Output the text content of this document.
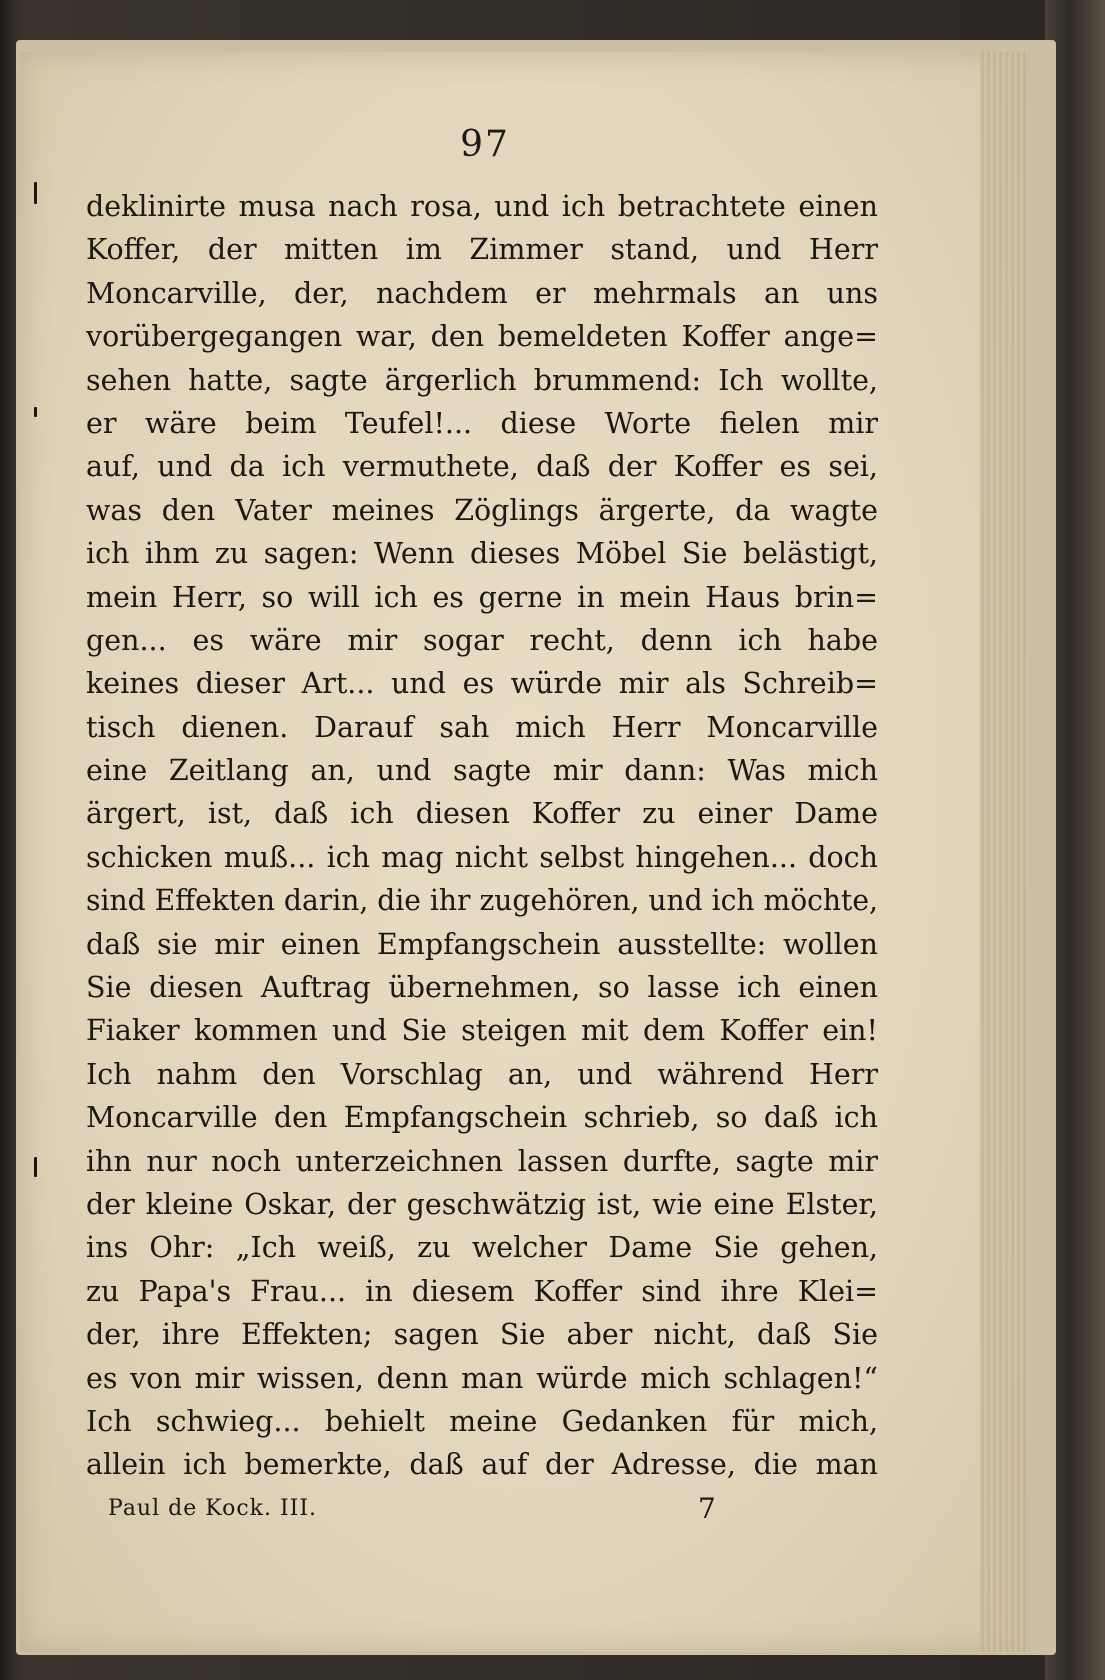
97
deklinirte musa nach rosa, und ich betrachtete einen
Koffer, der mitten im Zimmer stand, und Herr
Moncarville, der, nachdem er mehrmals an uns
vorübergegangen war, den bemeldeten Koffer ange=
sehen hatte, sagte ärgerlich brummend: Ich wollte,
er wäre beim Teufel!... diese Worte fielen mir
auf, und da ich vermuthete, daß der Koffer es sei,
was den Vater meines Zöglings ärgerte, da wagte
ich ihm zu sagen: Wenn dieses Möbel Sie belästigt,
mein Herr, so will ich es gerne in mein Haus brin=
gen... es wäre mir sogar recht, denn ich habe
keines dieser Art... und es würde mir als Schreib=
tisch dienen. Darauf sah mich Herr Moncarville
eine Zeitlang an, und sagte mir dann: Was mich
ärgert, ist, daß ich diesen Koffer zu einer Dame
schicken muß... ich mag nicht selbst hingehen... doch
sind Effekten darin, die ihr zugehören, und ich möchte,
daß sie mir einen Empfangschein ausstellte: wollen
Sie diesen Auftrag übernehmen, so lasse ich einen
Fiaker kommen und Sie steigen mit dem Koffer ein!
Ich nahm den Vorschlag an, und während Herr
Moncarville den Empfangschein schrieb, so daß ich
ihn nur noch unterzeichnen lassen durfte, sagte mir
der kleine Oskar, der geschwätzig ist, wie eine Elster,
ins Ohr: „Ich weiß, zu welcher Dame Sie gehen,
zu Papa's Frau... in diesem Koffer sind ihre Klei=
der, ihre Effekten; sagen Sie aber nicht, daß Sie
es von mir wissen, denn man würde mich schlagen!“
Ich schwieg... behielt meine Gedanken für mich,
allein ich bemerkte, daß auf der Adresse, die man
Paul de Kock. III.	7
